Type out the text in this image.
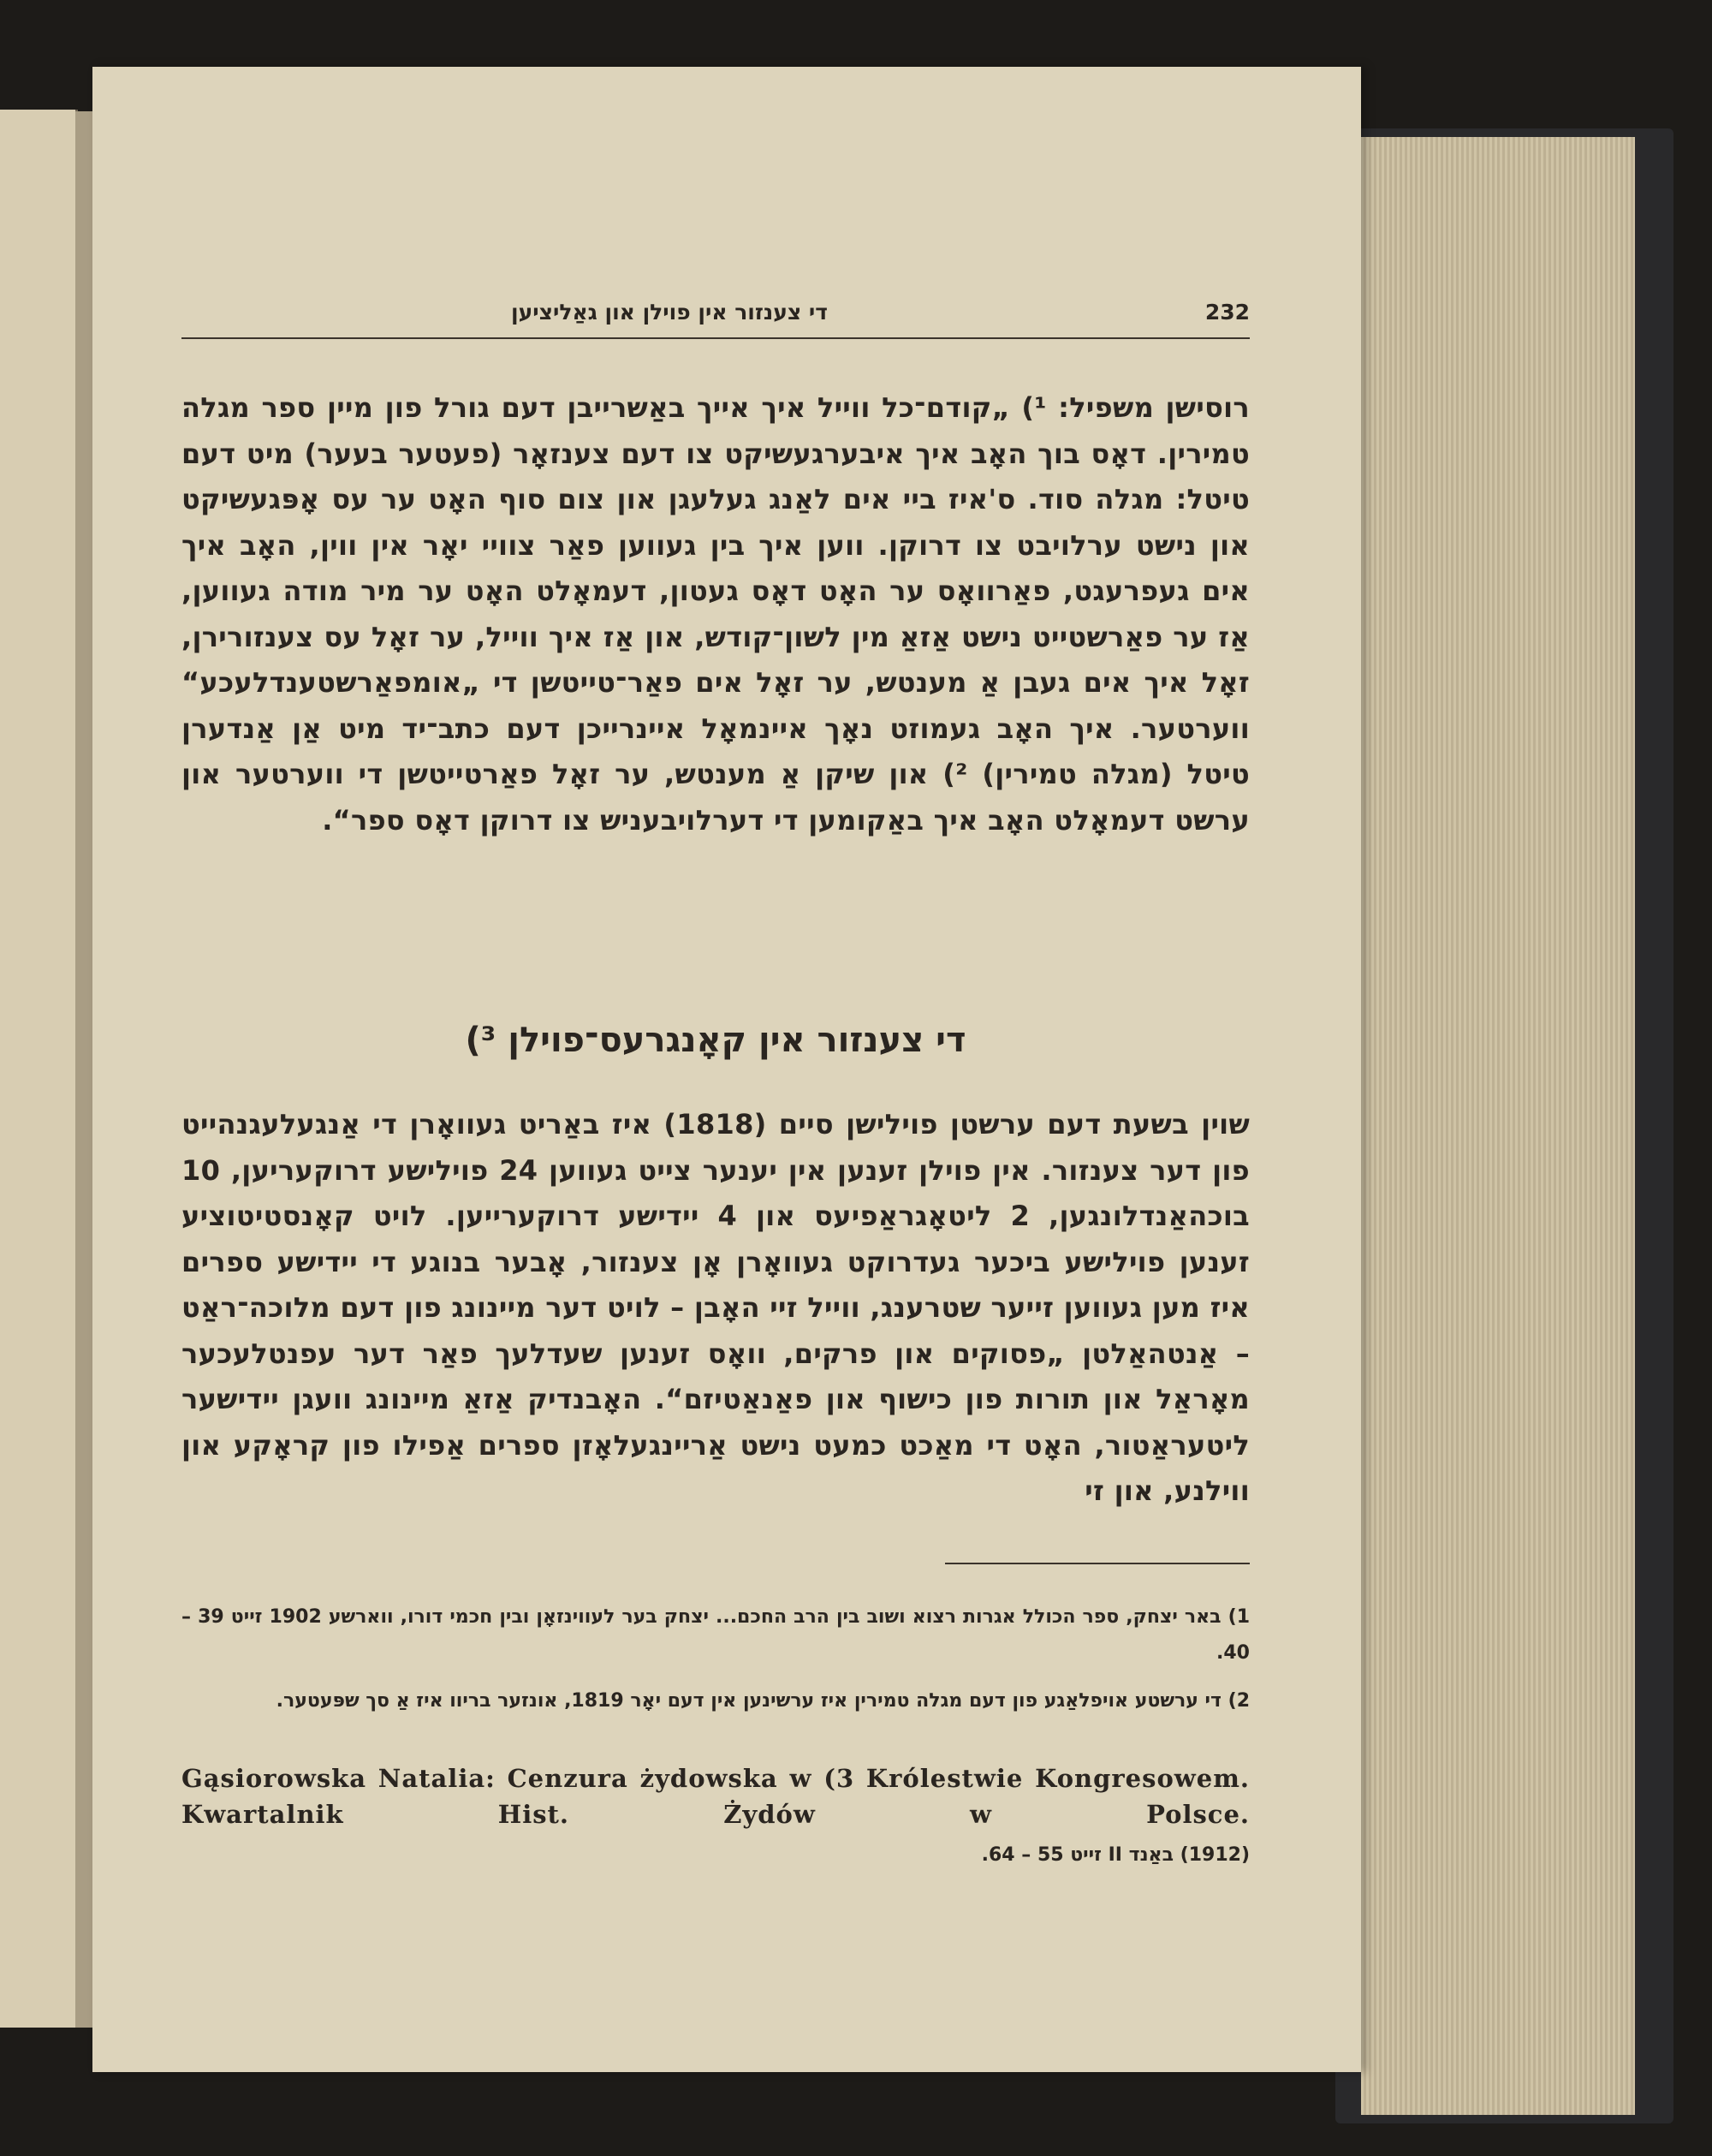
232
די צענזור אין פוילן און גאַליציען

רוסישן משפיל: ¹) „קודם־כל ווייל איך אייך באַשרייבן דעם גורל פון מיין ספר מגלה טמירין. דאָס בוך האָב איך איבערגעשיקט צו דעם צענזאָר (פעטער בעער) מיט דעם טיטל: מגלה סוד. ס'איז ביי אים לאַנג געלעגן און צום סוף האָט ער עס אָפּגעשיקט און נישט ערלויבט צו דרוקן. ווען איך בין געווען פאַר צוויי יאָר אין ווין, האָב איך אים געפרעגט, פאַרוואָס ער האָט דאָס געטון, דעמאָלט האָט ער מיר מודה געווען, אַז ער פאַרשטייט נישט אַזאַ מין לשון־קודש, און אַז איך ווייל, ער זאָל עס צענזורירן, זאָל איך אים געבן אַ מענטש, ער זאָל אים פאַר־טייטשן די „אומפאַרשטענדלעכע“ ווערטער. איך האָב געמוזט נאָך איינמאָל איינרייכן דעם כתב־יד מיט אַן אַנדערן טיטל (מגלה טמירין) ²) און שיקן אַ מענטש, ער זאָל פאַרטייטשן די ווערטער און ערשט דעמאָלט האָב איך באַקומען די דערלויבעניש צו דרוקן דאָס ספר“.

די צענזור אין קאָנגרעס־פוילן ³)

שוין בשעת דעם ערשטן פוילישן סיים (1818) איז באַריט געוואָרן די אַנגעלעגנהייט פון דער צענזור. אין פוילן זענען אין יענער צייט געווען 24 פוילישע דרוקעריען, 10 בוכהאַנדלונגען, 2 ליטאָגראַפיעס און 4 יידישע דרוקערייען. לויט קאָנסטיטוציע זענען פוילישע ביכער געדרוקט געוואָרן אָן צענזור, אָבער בנוגע די יידישע ספרים איז מען געווען זייער שטרענג, ווייל זיי האָבן – לויט דער מיינונג פון דעם מלוכה־ראַט – אַנטהאַלטן „פסוקים און פרקים, וואָס זענען שעדלעך פאַר דער עפנטלעכער מאָראַל און תורות פון כישוף און פאַנאַטיזם“. האָבנדיק אַזאַ מיינונג וועגן יידישער ליטעראַטור, האָט די מאַכט כמעט נישט אַריינגעלאָזן ספרים אַפילו פון קראָקע און ווילנע, און זי

1) באר יצחק, ספר הכולל אגרות רצוא ושוב בין הרב החכם... יצחק בער לעווינזאָן ובין חכמי דורו, ווארשע 1902 זייט 39 – 40.

2) די ערשטע אויפלאַגע פון דעם מגלה טמירין איז ערשינען אין דעם יאָר 1819, אונזער בריוו איז אַ סך שפּעטער.

Gąsiorowska Natalia: Cenzura żydowska w (3 Królestwie Kongresowem. Kwartalnik Hist. Żydów w Polsce.

(1912) באַנד II זייט 55 – 64.
